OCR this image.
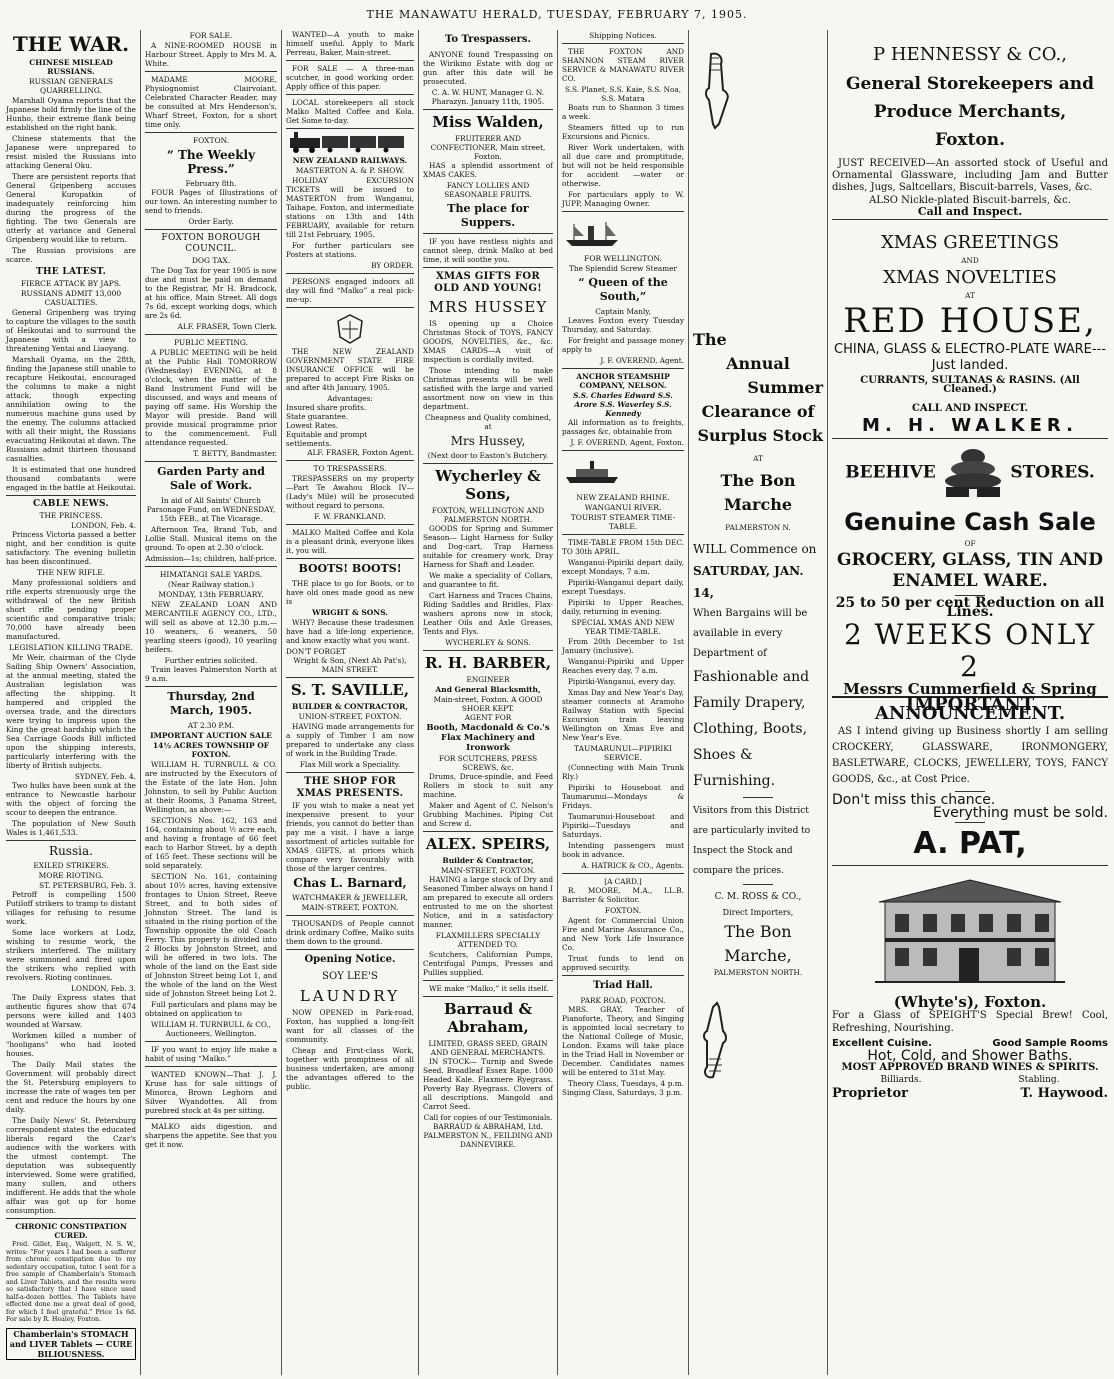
THE MANAWATU HERALD, TUESDAY, FEBRUARY 7, 1905.
THE WAR.
CHINESE MISLEAD RUSSIANS.
RUSSIAN GENERALS QUARRELLING.

Marshall Oyama reports that the Japanese hold firmly the line of the Hunho, their extreme flank being established on the right bank.

Chinese statements that the Japanese were unprepared to resist misled the Russians into attacking General Oku.

There are persistent reports that General Gripenberg accuses General Kuropatkin of inadequately reinforcing him during the progress of the fighting. The two Generals are utterly at variance and General Gripenberg would like to return.

The Russian provisions are scarce.

THE LATEST.
FIERCE ATTACK BY JAPS.
RUSSIANS ADMIT 13,000 CASUALTIES.

General Gripenberg was trying to capture the villages to the south of Heikoutai and to surround the Japanese with a view to threatening Yentai and Liaoyang.

Marshall Oyama, on the 28th, finding the Japanese still unable to recapture Heikoutai, encouraged the columns to make a night attack, though expecting annihilation owing to the numerous machine guns used by the enemy. The columns attacked with all their might, the Russians evacuating Heikoutai at dawn. The Russians admit thirteen thousand casualties.

It is estimated that one hundred thousand combatants were engaged in the battle at Heikoutai.

CABLE NEWS.
THE PRINCESS.
LONDON, Feb. 4.

Princess Victoria passed a better night, and her condition is quite satisfactory. The evening bulletin has been discontinued.

THE NEW RIFLE.

Many professional soldiers and rifle experts strenuously urge the withdrawal of the new British short rifle pending proper scientific and comparative trials; 70,000 have already been manufactured.

LEGISLATION KILLING TRADE.

Mr Weir, chairman of the Clyde Sailing Ship Owners' Association, at the annual meeting, stated the Australian legislation was affecting the shipping. It hampered and crippled the oversea trade, and the directors were trying to impress upon the King the great hardship which the Sea Carriage Goods Bill inflicted upon the shipping interests, particularly interfering with the liberty of British subjects.

SYDNEY, Feb. 4.

Two hulks have been sunk at the entrance to Newcastle harbour with the object of forcing the scour to deepen the entrance.

The population of New South Wales is 1,461,533.

Russia.
EXILED STRIKERS.
MORE RIOTING.
ST. PETERSBURG, Feb. 3.

Petroff is compelling 1500 Putiloff strikers to tramp to distant villages for refusing to resume work.

Some lace workers at Lodz, wishing to resume work, the strikers interfered. The military were summoned and fired upon the strikers who replied with revolvers. Rioting continues.

LONDON, Feb. 3.

The Daily Express states that authentic figures show that 674 persons were killed and 1403 wounded at Warsaw.

Workmen killed a number of "hooligans" who had looted houses.

The Daily Mail states the Government will probably direct the St. Petersburg employers to increase the rate of wages ten per cent and reduce the hours by one daily.

The Daily News' St. Petersburg correspondent states the educated liberals regard the Czar's audience with the workers with the utmost contempt. The deputation was subsequently interviewed. Some were gratified, many sullen, and others indifferent. He adds that the whole affair was got up for home consumption.

CHRONIC CONSTIPATION CURED.

Fred. Gillet, Esq., Walgett, N. S. W., writes: "For years I had been a sufferer from chronic constipation due to my sedentary occupation, tutor. I sent for a free sample of Chamberlain's Stomach and Liver Tablets, and the results were so satisfactory that I have since used half-a-dozen bottles. The Tablets have effected done me a great deal of good, for which I feel grateful." Price 1s 6d. For sale by R. Healey, Foxton.

Chamberlain's STOMACH and LIVER Tablets — CURE BILIOUSNESS.
FOR SALE.

A NINE-ROOMED HOUSE in Harbour Street. Apply to Mrs M. A. White.

MADAME MOORE, Physiognomist Clairvoiant. Celebrated Character Reader, may be consulted at Mrs Henderson's, Wharf Street, Foxton, for a short time only.

FOXTON.
“ The Weekly Press.”
February 8th.

FOUR Pages of Illustrations of our town. An interesting number to send to friends.

Order Early.
FOXTON BOROUGH COUNCIL.
DOG TAX.

The Dog Tax for year 1905 is now due and must be paid on demand to the Registrar, Mr H. Bradcock, at his office, Main Street. All dogs 7s 6d, except working dogs, which are 2s 6d.

ALF. FRASER, Town Clerk.
PUBLIC MEETING.

A PUBLIC MEETING will be held at the Public Hall TOMORROW (Wednesday) EVENING, at 8 o'clock, when the matter of the Band Instrument Fund will be discussed, and ways and means of paying off same. His Worship the Mayor will preside. Band will provide musical programme prior to the commencement. Full attendance requested.

T. BETTY, Bandmaster.
Garden Party and Sale of Work.

In aid of All Saints' Church Parsonage Fund, on WEDNESDAY, 15th FEB., at The Vicarage.

Afternoon Tea, Brand Tub, and Lollie Stall. Musical items on the ground. To open at 2.30 o'clock.

Admission—1s; children, half-price.
HIMATANGI SALE YARDS.
(Near Railway station.)
MONDAY, 13th FEBRUARY.

NEW ZEALAND LOAN AND MERCANTILE AGENCY CO., LTD., will sell as above at 12.30 p.m.— 10 weaners, 6 weaners, 50 yearling steers (good), 10 yearling heifers.

Further entries solicited.

Train leaves Palmerston North at 9 a.m.

Thursday, 2nd March, 1905.
AT 2.30 P.M.
IMPORTANT AUCTION SALE
14½ ACRES TOWNSHIP OF FOXTON.

WILLIAM H. TURNBULL & CO. are instructed by the Executors of the Estate of the late Hon. John Johnston, to sell by Public Auction at their Rooms, 3 Panama Street, Wellington, as above:—

SECTIONS Nos. 162, 163 and 164, containing about ½ acre each, and having a frontage of 66 feet each to Harbor Street, by a depth of 165 feet. These sections will be sold separately.

SECTION No. 161, containing about 10½ acres, having extensive frontages to Union Street, Reeve Street, and to both sides of Johnston Street. The land is situated in the rising portion of the Township opposite the old Coach Ferry. This property is divided into 2 Blocks by Johnston Street, and will be offered in two lots. The whole of the land on the East side of Johnston Street being Lot 1, and the whole of the land on the West side of Johnston Street being Lot 2.

Full particulars and plans may be obtained on application to

WILLIAM H. TURNBULL & CO., Auctioneers, Wellington.

IF you want to enjoy life make a habit of using “Malko.”

WANTED KNOWN—That J. J. Kruse has for sale sittings of Minorca, Brown Leghorn and Silver Wyandottes. All from purebred stock at 4s per sitting.

MALKO aids digestion, and sharpens the appetite. See that you get it now.

WANTED—A youth to make himself useful. Apply to Mark Perreau, Baker, Main-street.

FOR SALE — A three-man scutcher, in good working order. Apply office of this paper.

LOCAL storekeepers all stock Malko Malted Coffee and Kola. Get Some to-day.

NEW ZEALAND RAILWAYS.
MASTERTON A. & P. SHOW.

HOLIDAY EXCURSION TICKETS will be issued to MASTERTON from Wanganui, Taihape, Foxton, and intermediate stations on 13th and 14th FEBRUARY, available for return till 21st February, 1905.

For further particulars see Posters at stations.

BY ORDER.

PERSONS engaged indoors all day will find “Malko” a real pick-me-up.

THE NEW ZEALAND GOVERNMENT STATE FIRE INSURANCE OFFICE will be prepared to accept Fire Risks on and after 4th January, 1905.

Advantages:
Insured share profits.
State guarantee.
Lowest Rates.
Equitable and prompt settlements.
ALF. FRASER, Foxton Agent.
TO TRESPASSERS.

TRESPASSERS on my property—Part Te Awahou Block IV—(Lady's Mile) will be prosecuted without regard to persons.

F. W. FRANKLAND.

MALKO Malted Coffee and Kola is a pleasant drink, everyone likes it, you will.

BOOTS! BOOTS!

THE place to go for Boots, or to have old ones made good as new is

WRIGHT & SONS.

WHY? Because these tradesmen have had a life-long experience, and know exactly what you want.

DON'T FORGET
Wright & Son, (Next Ah Pat's), MAIN STREET.
S. T. SAVILLE,
BUILDER & CONTRACTOR,
UNION-STREET, FOXTON.

HAVING made arrangements for a supply of Timber I am now prepared to undertake any class of work in the Building Trade.

Flax Mill work a Speciality.
THE SHOP FOR XMAS PRESENTS.

IF you wish to make a neat yet inexpensive present to your friends, you cannot do better than pay me a visit. I have a large assortment of articles suitable for XMAS GIFTS, at prices which compare very favourably with those of the larger centres.

Chas L. Barnard,
WATCHMAKER & JEWELLER,
MAIN-STREET, FOXTON.

THOUSANDS of People cannot drink ordinary Coffee, Malko suits them down to the ground.

Opening Notice.
SOY LEE'S
LAUNDRY

NOW OPENED in Park-road, Foxton, has supplied a long-felt want for all classes of the community.

Cheap and First-class Work, together with promptness of all business undertaken, are among the advantages offered to the public.

To Trespassers.

ANYONE found Trespassing on the Wirikino Estate with dog or gun after this date will be prosecuted.

C. A. W. HUNT, Manager G. N. Pharazyn. January 11th, 1905.
Miss Walden,
FRUITERER AND CONFECTIONER, Main street, Foxton.

HAS a splendid assortment of XMAS CAKES.

FANCY LOLLIES AND SEASONABLE FRUITS.
The place for Suppers.

IF you have restless nights and cannot sleep, drink Malko at bed time, it will soothe you.

XMAS GIFTS FOR OLD AND YOUNG!
MRS HUSSEY

IS opening up a Choice Christmas Stock of TOYS, FANCY GOODS, NOVELTIES, &c., &c. XMAS CARDS—A visit of inspection is cordially invited.

Those intending to make Christmas presents will be well satisfied with the large and varied assortment now on view in this department.

Cheapness and Quality combined, at
Mrs Hussey,
(Next door to Easton's Butchery.
Wycherley & Sons,
FOXTON, WELLINGTON AND PALMERSTON NORTH.

GOODS for Spring and Summer Season— Light Harness for Sulky and Dog-cart, Trap Harness suitable for creamery work, Dray Harness for Shaft and Leader.

We make a speciality of Collars, and guarantee to fit.

Cart Harness and Traces Chains, Riding Saddles and Bridles, Flax-washers aprons now in stock, Leather Oils and Axle Greases, Tents and Flys.

WYCHERLEY & SONS.
R. H. BARBER,
ENGINEER
And General Blacksmith,
Main-street, Foxton. A GOOD SHOER KEPT.
AGENT FOR
Booth, Macdonald & Co.'s Flax Machinery and Ironwork
FOR SCUTCHERS, PRESS SCREWS, &c.

Drums, Druce-spindle, and Feed Rollers in stock to suit any machine.

Maker and Agent of C. Nelson's Grubbing Machines. Piping Cut and Screw d.

ALEX. SPEIRS,
Builder & Contractor,
MAIN-STREET, FOXTON.

HAVING a large stock of Dry and Seasoned Timber always on hand I am prepared to execute all orders entrusted to me on the shortest Notice, and in a satisfactory manner.

FLAXMILLERS SPECIALLY ATTENDED TO.

Scutchers, Californian Pumps, Centrifugal Pumps, Presses and Pullies supplied.

WE make “Malko,” it sells itself.

Barraud & Abraham,
LIMITED, GRASS SEED, GRAIN AND GENERAL MERCHANTS.

IN STOCK— Turnip and Swede Seed. Broadleaf Essex Rape. 1000 Headed Kale. Flaxmere Ryegrass. Poverty Bay Ryegrass. Clovers of all descriptions. Mangold and Carrot Seed.

Call for copies of our Testimonials.
BARRAUD & ABRAHAM, Ltd. PALMERSTON N., FEILDING AND DANNEVIRKE.
Shipping Notices.

THE FOXTON AND SHANNON STEAM RIVER SERVICE & MANAWATU RIVER CO.

S.S. Planet, S.S. Kaie, S.S. Noa, S.S. Matara

Boats run to Shannon 3 times a week.

Steamers fitted up to run Excursions and Picnics.

River Work undertaken, with all due care and promptitude, but will not be held responsible for accident —water or otherwise.

For particulars apply to W. JUPP, Managing Owner.

FOR WELLINGTON.
The Splendid Screw Steamer
“ Queen of the South,”
Captain Manly,

Leaves Foxton every Tuesday Thursday, and Saturday.

For freight and passage money apply to

J. F. OVEREND, Agent.
ANCHOR STEAMSHIP COMPANY, NELSON.
S.S. Charles Edward S.S. Arore S.S. Waverley S.S. Kennedy

All information as to freights, passages &c, obtainable from

J. F. OVEREND, Agent, Foxton.
NEW ZEALAND RHINE.
WANGANUI RIVER.
TOURIST STEAMER TIME-TABLE.

TIME-TABLE FROM 15th DEC. TO 30th APRIL.

Wanganui-Pipiriki depart daily, except Mondays, 7 a.m.

Pipiriki-Wanganui depart daily, except Tuesdays.

Pipiriki to Upper Reaches, daily, returning in evening.

SPECIAL XMAS AND NEW YEAR TIME-TABLE.

From 20th December to 1st January (inclusive).

Wanganui-Pipiriki and Upper Reaches every day, 7 a.m.

Pipiriki-Wanganui, every day.

Xmas Day and New Year's Day, steamer connects at Aramoho Railway Station with Special Excursion train leaving Wellington on Xmas Eve and New Year's Eve.

TAUMARUNUI—PIPIRIKI SERVICE.

(Connecting with Main Trunk Rly.)

Pipiriki to Houseboat and Taumarunui—Mondays & Fridays.

Taumarunui-Houseboat and Pipiriki—Tuesdays and Saturdays.

Intending passengers must book in advance.

A. HATRICK & CO., Agents.
[A CARD.]

R. MOORE, M.A., LL.B. Barrister & Solicitor.

FOXTON.

Agent for Commercial Union Fire and Marine Assurance Co., and New York Life Insurance Co.

Trust funds to lend on approved security.

Triad Hall.
PARK ROAD, FOXTON.

MRS. GRAY, Teacher of Pianoforte, Theory, and Singing is appointed local secretary to the National College of Music, London. Exams will take place in the Triad Hall in November or December. Candidates names will be entered to 31st May.

Theory Class, Tuesdays, 4 p.m. Singing Class, Saturdays, 3 p.m.

The
Annual
Summer
Clearance of
Surplus Stock
AT
The Bon Marche
PALMERSTON N.
WILL Commence on
SATURDAY, JAN. 14,
When Bargains will be available in every Department of
Fashionable and Family Drapery, Clothing, Boots, Shoes & Furnishing.
Visitors from this District are particularly invited to Inspect the Stock and compare the prices.
C. M. ROSS & CO.,
Direct Importers,
The Bon Marche,
PALMERSTON NORTH.
P HENNESSY & CO.,
General Storekeepers and Produce Merchants, Foxton.

JUST RECEIVED—An assorted stock of Useful and Ornamental Glassware, including Jam and Butter dishes, Jugs, Saltcellars, Biscuit-barrels, Vases, &c.

ALSO Nickle-plated Biscuit-barrels, &c.
Call and Inspect.
XMAS GREETINGS
AND
XMAS NOVELTIES
AT
RED HOUSE,
CHINA, GLASS & ELECTRO-PLATE WARE---Just landed.
CURRANTS, SULTANAS & RASINS. (All Cleaned.)
CALL AND INSPECT.
M. H. WALKER.
BEEHIVE	STORES.
Genuine Cash Sale
OF
GROCERY, GLASS, TIN AND ENAMEL WARE.
25 to 50 per cent Reduction on all Lines.
2 WEEKS ONLY 2
Messrs Cummerfield & Spring
IMPORTANT ANNOUNCEMENT.

AS I intend giving up Business shortly I am selling CROCKERY, GLASSWARE, IRONMONGERY, BASLETWARE, CLOCKS, JEWELLERY, TOYS, FANCY GOODS, &c., at Cost Price.

Don't miss this chance.
Everything must be sold.
A. PAT,
(Whyte's), Foxton.

For a Glass of SPEIGHT'S Special Brew! Cool, Refreshing, Nourishing.

Excellent Cuisine.	Good Sample Rooms
Hot, Cold, and Shower Baths.
MOST APPROVED BRAND WINES & SPIRITS.
Billiards.	Stabling.
Proprietor	T. Haywood.
